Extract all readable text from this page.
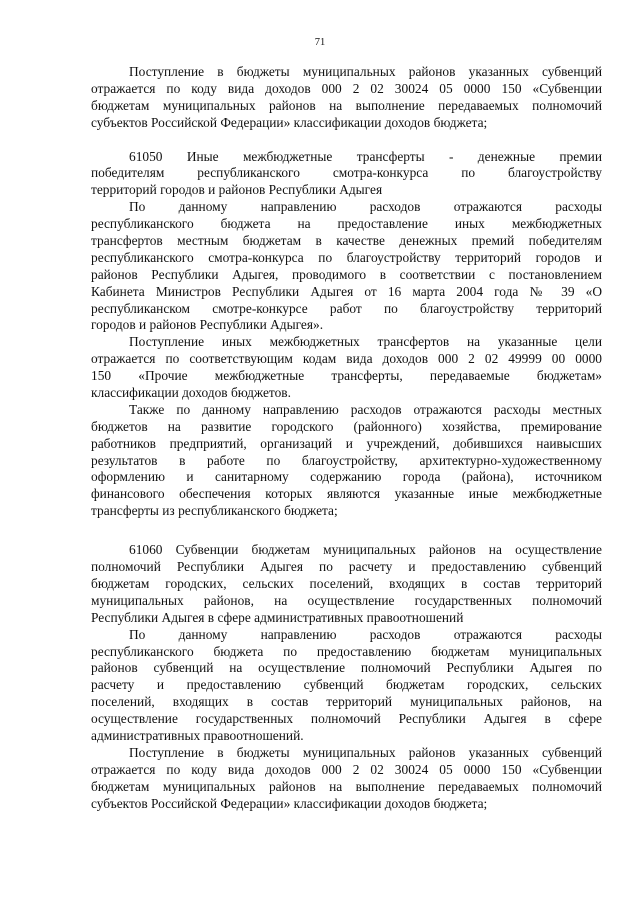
71
Поступление в бюджеты муниципальных районов указанных субвенций
отражается по коду вида доходов 000 2 02 30024 05 0000 150 «Субвенции
бюджетам муниципальных районов на выполнение передаваемых полномочий
субъектов Российской Федерации» классификации доходов бюджета;
61050 Иные межбюджетные трансферты - денежные премии
победителям республиканского смотра-конкурса по благоустройству
территорий городов и районов Республики Адыгея
По данному направлению расходов отражаются расходы
республиканского бюджета на предоставление иных межбюджетных
трансфертов местным бюджетам в качестве денежных премий победителям
республиканского смотра-конкурса по благоустройству территорий городов и
районов Республики Адыгея, проводимого в соответствии с постановлением
Кабинета Министров Республики Адыгея от 16 марта 2004 года № 39 «О
республиканском смотре-конкурсе работ по благоустройству территорий
городов и районов Республики Адыгея».
Поступление иных межбюджетных трансфертов на указанные цели
отражается по соответствующим кодам вида доходов 000 2 02 49999 00 0000
150 «Прочие межбюджетные трансферты, передаваемые бюджетам»
классификации доходов бюджетов.
Также по данному направлению расходов отражаются расходы местных
бюджетов на развитие городского (районного) хозяйства, премирование
работников предприятий, организаций и учреждений, добившихся наивысших
результатов в работе по благоустройству, архитектурно-художественному
оформлению и санитарному содержанию города (района), источником
финансового обеспечения которых являются указанные иные межбюджетные
трансферты из республиканского бюджета;
61060 Субвенции бюджетам муниципальных районов на осуществление
полномочий Республики Адыгея по расчету и предоставлению субвенций
бюджетам городских, сельских поселений, входящих в состав территорий
муниципальных районов, на осуществление государственных полномочий
Республики Адыгея в сфере административных правоотношений
По данному направлению расходов отражаются расходы
республиканского бюджета по предоставлению бюджетам муниципальных
районов субвенций на осуществление полномочий Республики Адыгея по
расчету и предоставлению субвенций бюджетам городских, сельских
поселений, входящих в состав территорий муниципальных районов, на
осуществление государственных полномочий Республики Адыгея в сфере
административных правоотношений.
Поступление в бюджеты муниципальных районов указанных субвенций
отражается по коду вида доходов 000 2 02 30024 05 0000 150 «Субвенции
бюджетам муниципальных районов на выполнение передаваемых полномочий
субъектов Российской Федерации» классификации доходов бюджета;
